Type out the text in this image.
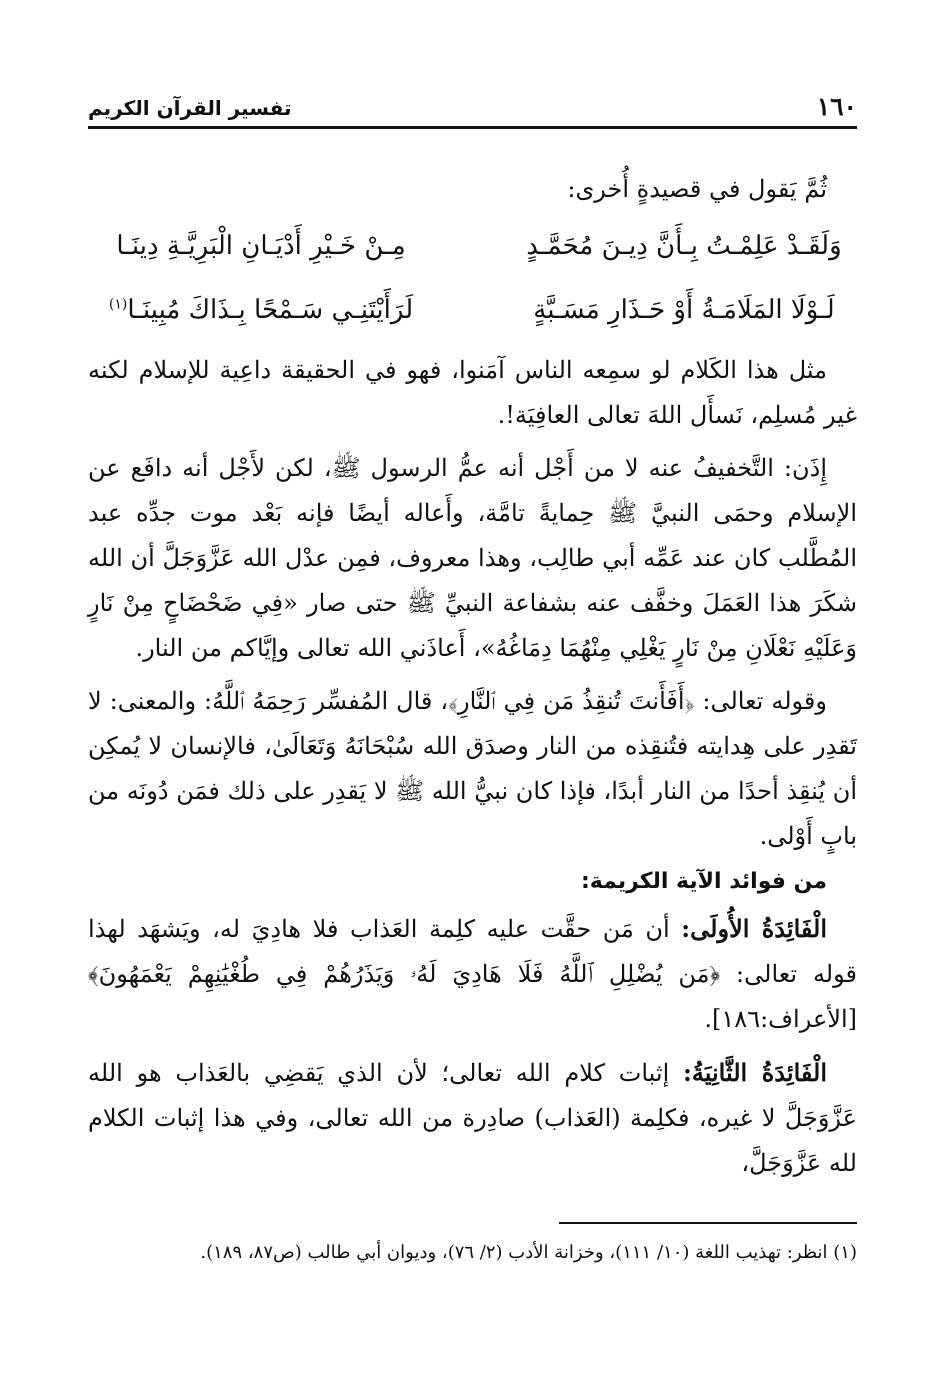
١٦٠
تفسير القرآن الكريم

ثُمَّ يَقول في قصيدةٍ أُخرى:

وَلَقَـدْ عَلِمْـتُ بِـأَنَّ دِيـنَ مُحَمَّـدٍ
مِـنْ خَـيْرِ أَدْيَـانِ الْبَرِيَّـةِ دِينَـا
لَـوْلَا المَلَامَـةُ أَوْ حَـذَارِ مَسَـبَّةٍ
لَرَأَيْتَنِـي سَـمْحًا بِـذَاكَ مُبِينَـا$^{(١)}$

مثل هذا الكَلام لو سمِعه الناس آمَنوا، فهو في الحقيقة داعِية للإسلام لكنه غير مُسلِم، نَسأَل اللهَ تعالى العافِيَة!.

إِذَن: التَّخفيفُ عنه لا من أَجْل أنه عمُّ الرسول ﷺ، لكن لأَجْل أنه دافَع عن الإسلام وحمَى النبيَّ ﷺ حِمايةً تامَّة، وأَعاله أيضًا فإنه بَعْد موت جدِّه عبد المُطَّلب كان عند عَمِّه أبي طالِب، وهذا معروف، فمِن عدْل الله عَزَّوَجَلَّ أن الله شكَرَ هذا العَمَلَ وخفَّف عنه بشفاعة النبيِّ ﷺ حتى صار «فِي ضَحْضَاحٍ مِنْ نَارٍ وَعَلَيْهِ نَعْلَانِ مِنْ نَارٍ يَغْلِي مِنْهُمَا دِمَاغُهُ»، أَعاذَني الله تعالى وإيَّاكم من النار.

وقوله تعالى: ﴿أَفَأَنتَ تُنقِذُ مَن فِي ٱلنَّارِ﴾، قال المُفسِّر رَحِمَهُ ٱللَّهُ: والمعنى: لا تَقدِر على هِدايته فتُنقِذه من النار وصدَق الله سُبْحَانَهُ وَتَعَالَىٰ، فالإنسان لا يُمكِن أن يُنقِذ أحدًا من النار أبدًا، فإذا كان نبيُّ الله ﷺ لا يَقدِر على ذلك فمَن دُونَه من بابٍ أَوْلى.

من فوائد الآية الكريمة:

الْفَائِدَةُ الأُولَى: أن مَن حقَّت عليه كلِمة العَذاب فلا هادِيَ له، ويَشهَد لهذا قوله تعالى: ﴿مَن يُضْلِلِ ٱللَّهُ فَلَا هَادِيَ لَهُۥ وَيَذَرُهُمْ فِي طُغْيَٰنِهِمْ يَعْمَهُونَ﴾ [الأعراف:١٨٦].

الْفَائِدَةُ الثَّانِيَةُ: إثبات كلام الله تعالى؛ لأن الذي يَقضِي بالعَذاب هو الله عَزَّوَجَلَّ لا غيره، فكلِمة (العَذاب) صادِرة من الله تعالى، وفي هذا إثبات الكلام لله عَزَّوَجَلَّ،

(١) انظر: تهذيب اللغة (١٠/ ١١١)، وخزانة الأدب (٢/ ٧٦)، وديوان أبي طالب (ص٨٧، ١٨٩).
